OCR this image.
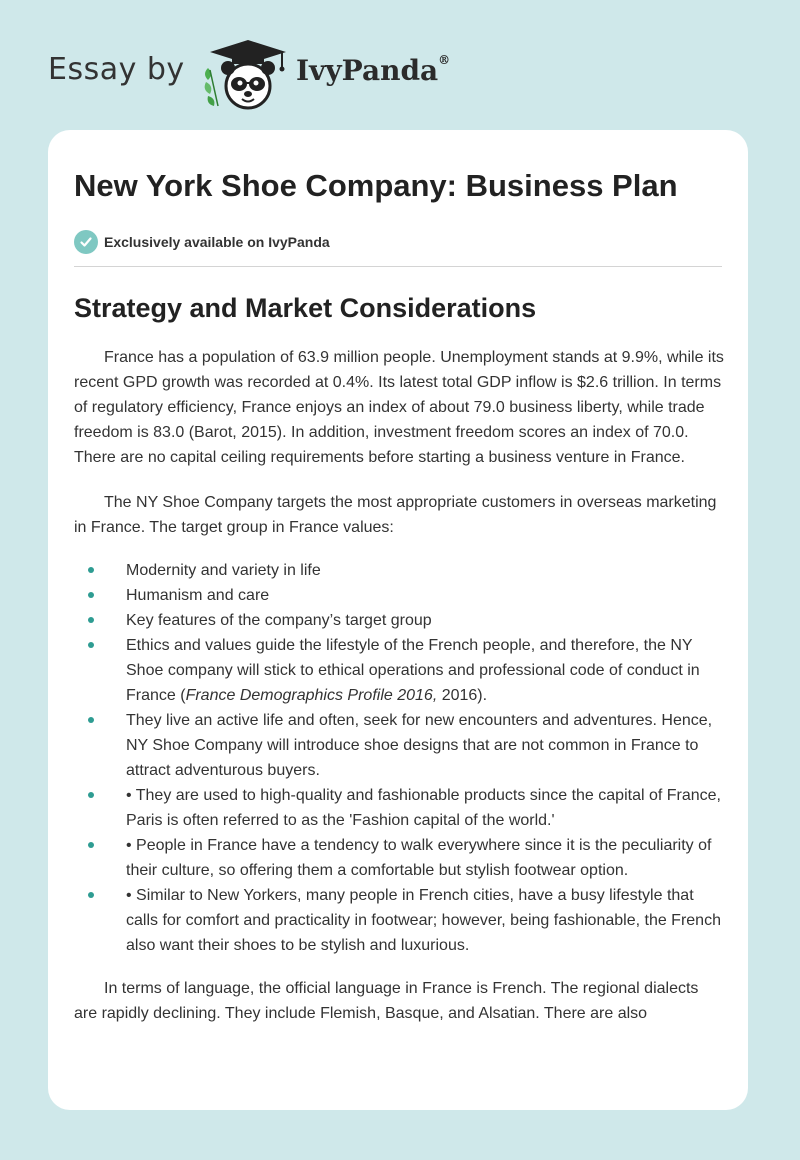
Essay by	IvyPanda®
New York Shoe Company: Business Plan
Exclusively available on IvyPanda
Strategy and Market Considerations

France has a population of 63.9 million people. Unemployment stands at 9.9%, while its recent GPD growth was recorded at 0.4%. Its latest total GDP inflow is $2.6 trillion. In terms of regulatory efficiency, France enjoys an index of about 79.0 business liberty, while trade freedom is 83.0 (Barot, 2015). In addition, investment freedom scores an index of 70.0. There are no capital ceiling requirements before starting a business venture in France.

The NY Shoe Company targets the most appropriate customers in overseas marketing in France. The target group in France values:

Modernity and variety in life
Humanism and care
Key features of the company’s target group
Ethics and values guide the lifestyle of the French people, and therefore, the NY Shoe company will stick to ethical operations and professional code of conduct in France (France Demographics Profile 2016, 2016).
They live an active life and often, seek for new encounters and adventures. Hence, NY Shoe Company will introduce shoe designs that are not common in France to attract adventurous buyers.
• They are used to high-quality and fashionable products since the capital of France, Paris is often referred to as the 'Fashion capital of the world.'
• People in France have a tendency to walk everywhere since it is the peculiarity of their culture, so offering them a comfortable but stylish footwear option.
• Similar to New Yorkers, many people in French cities, have a busy lifestyle that calls for comfort and practicality in footwear; however, being fashionable, the French also want their shoes to be stylish and luxurious.

In terms of language, the official language in France is French. The regional dialects are rapidly declining. They include Flemish, Basque, and Alsatian. There are also
